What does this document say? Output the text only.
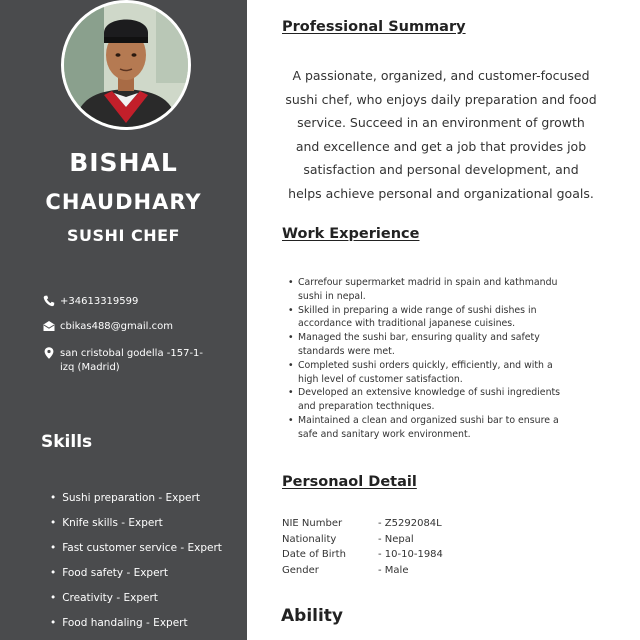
BISHAL
CHAUDHARY
SUSHI CHEF
+34613319599
cbikas488@gmail.com
san cristobal godella -157-1-
izq (Madrid)
Skills
• Sushi preparation - Expert
• Knife skills - Expert
• Fast customer service - Expert
• Food safety - Expert
• Creativity - Expert
• Food handaling - Expert
Professional Summary
A passionate, organized, and customer-focused
sushi chef, who enjoys daily preparation and food
service. Succeed in an environment of growth
and excellence and get a job that provides job
satisfaction and personal development, and
helps achieve personal and organizational goals.
Work Experience
• Carrefour supermarket madrid in spain and kathmandu
sushi in nepal.
• Skilled in preparing a wide range of sushi dishes in
accordance with traditional japanese cuisines.
• Managed the sushi bar, ensuring quality and safety
standards were met.
• Completed sushi orders quickly, efficiently, and with a
high level of customer satisfaction.
• Developed an extensive knowledge of sushi ingredients
and preparation tecthniques.
• Maintained a clean and organized sushi bar to ensure a
safe and sanitary work environment.
Personaol Detail
NIE Number	- Z5292084L
Nationality	- Nepal
Date of Birth	- 10-10-1984
Gender	- Male
Ability
